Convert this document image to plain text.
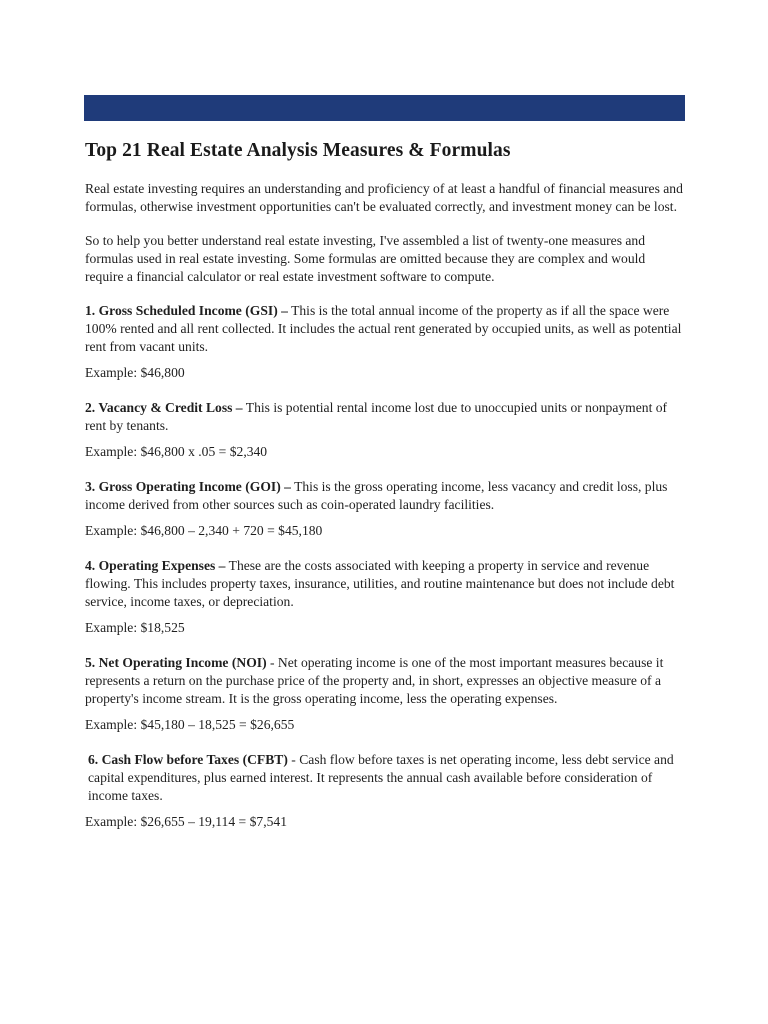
Top 21 Real Estate Analysis Measures & Formulas

Real estate investing requires an understanding and proficiency of at least a handful of financial measures and formulas, otherwise investment opportunities can't be evaluated correctly, and investment money can be lost.

So to help you better understand real estate investing, I've assembled a list of twenty-one measures and formulas used in real estate investing. Some formulas are omitted because they are complex and would require a financial calculator or real estate investment software to compute.

1. Gross Scheduled Income (GSI) – This is the total annual income of the property as if all the space were 100% rented and all rent collected. It includes the actual rent generated by occupied units, as well as potential rent from vacant units.

Example: $46,800

2. Vacancy & Credit Loss – This is potential rental income lost due to unoccupied units or nonpayment of rent by tenants.

Example: $46,800 x .05 = $2,340

3. Gross Operating Income (GOI) – This is the gross operating income, less vacancy and credit loss, plus income derived from other sources such as coin-operated laundry facilities.

Example: $46,800 – 2,340 + 720 = $45,180

4. Operating Expenses – These are the costs associated with keeping a property in service and revenue flowing. This includes property taxes, insurance, utilities, and routine maintenance but does not include debt service, income taxes, or depreciation.

Example: $18,525

5. Net Operating Income (NOI) - Net operating income is one of the most important measures because it represents a return on the purchase price of the property and, in short, expresses an objective measure of a property's income stream. It is the gross operating income, less the operating expenses.

Example: $45,180 – 18,525 = $26,655

6. Cash Flow before Taxes (CFBT) - Cash flow before taxes is net operating income, less debt service and capital expenditures, plus earned interest. It represents the annual cash available before consideration of income taxes.

Example: $26,655 – 19,114 = $7,541
